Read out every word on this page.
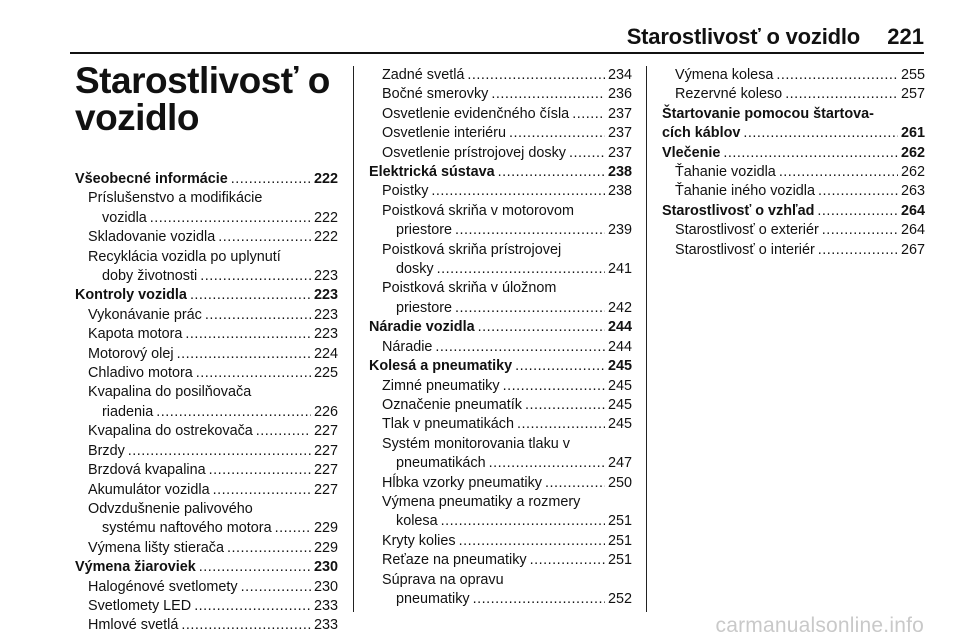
Starostlivosť o vozidlo 221
Starostlivosť o vozidlo
Všeobecné informácie .....	222
Príslušenstvo a modifikácie
vozidla .....	222
Skladovanie vozidla .....	222
Recyklácia vozidla po uplynutí
doby životnosti .....	223
Kontroly vozidla .....	223
Vykonávanie prác .....	223
Kapota motora .....	223
Motorový olej .....	224
Chladivo motora .....	225
Kvapalina do posilňovača
riadenia .....	226
Kvapalina do ostrekovača .....	227
Brzdy .....	227
Brzdová kvapalina .....	227
Akumulátor vozidla .....	227
Odvzdušnenie palivového
systému naftového motora .....	229
Výmena lišty stierača .....	229
Výmena žiaroviek .....	230
Halogénové svetlomety .....	230
Svetlomety LED .....	233
Hmlové svetlá .....	233
Zadné svetlá .....	234
Bočné smerovky .....	236
Osvetlenie evidenčného čísla .....	237
Osvetlenie interiéru .....	237
Osvetlenie prístrojovej dosky .....	237
Elektrická sústava .....	238
Poistky .....	238
Poistková skriňa v motorovom
priestore .....	239
Poistková skriňa prístrojovej
dosky .....	241
Poistková skriňa v úložnom
priestore .....	242
Náradie vozidla .....	244
Náradie .....	244
Kolesá a pneumatiky .....	245
Zimné pneumatiky .....	245
Označenie pneumatík .....	245
Tlak v pneumatikách .....	245
Systém monitorovania tlaku v
pneumatikách .....	247
Hĺbka vzorky pneumatiky .....	250
Výmena pneumatiky a rozmery
kolesa .....	251
Kryty kolies .....	251
Reťaze na pneumatiky .....	251
Súprava na opravu
pneumatiky .....	252
Výmena kolesa .....	255
Rezervné koleso .....	257
Štartovanie pomocou štartova-
cích káblov .....	261
Vlečenie .....	262
Ťahanie vozidla .....	262
Ťahanie iného vozidla .....	263
Starostlivosť o vzhľad .....	264
Starostlivosť o exteriér .....	264
Starostlivosť o interiér .....	267
carmanualsonline.info
